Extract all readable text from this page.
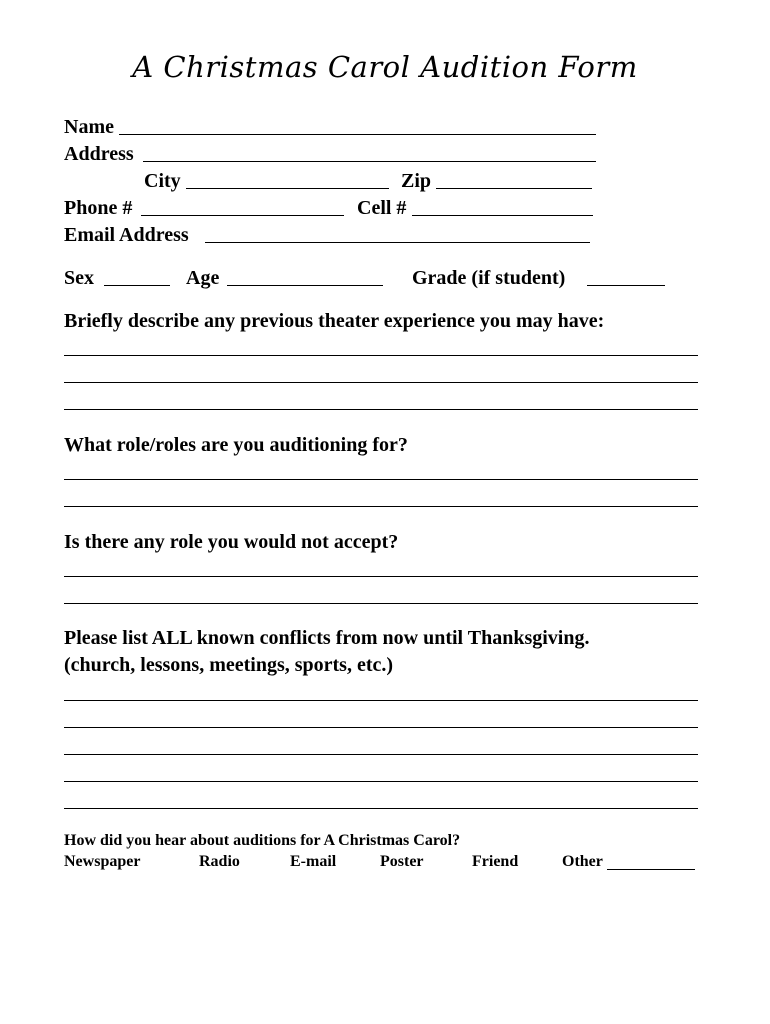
A Christmas Carol Audition Form
Name
Address
City	Zip
Phone #	Cell #
Email Address
Sex	Age	Grade (if student)
Briefly describe any previous theater experience you may have:
What role/roles are you auditioning for?
Is there any role you would not accept?
Please list ALL known conflicts from now until Thanksgiving.
(church, lessons, meetings, sports, etc.)
How did you hear about auditions for A Christmas Carol?
Newspaper	Radio	E-mail	Poster	Friend	Other
